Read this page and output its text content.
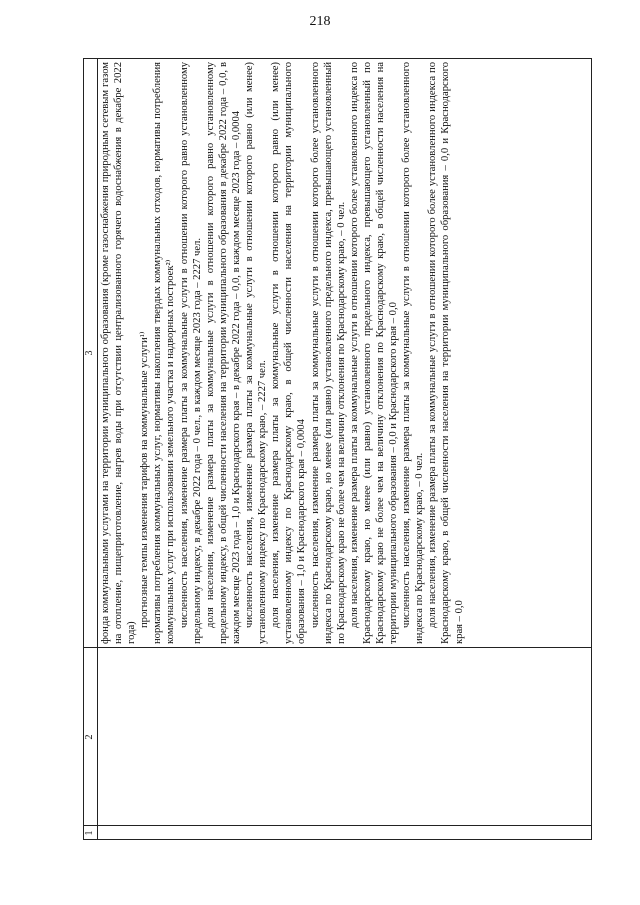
218
1
2
3 фонда коммунальными услугами на территории муниципального образования (кроме газоснабжения природным сетевым газом на отопление, пищеприготовление, нагрев воды при отсутствии централизованного горячего водоснабжения в декабре 2022 года)

прогнозные темпы изменения тарифов на коммунальные услуги¹⁾ нормативы потребления коммунальных услуг, нормативы накопления твердых коммунальных отходов, нормативы потребления коммунальных услуг при использовании земельного участка и надворных построек²⁾ численность населения, изменение размера платы за коммунальные услуги в отношении которого равно установленному предельному индексу, в декабре 2022 года – 0 чел., в каждом месяце 2023 года – 2227 чел. доля населения, изменение размера платы за коммунальные услуги в отношении которого равно установленному предельному индексу, в общей численности населения на территории муниципального образования в декабре 2022 года – 0,0, в каждом месяце 2023 года – 1,0 и Краснодарского края – в декабре 2022 года – 0,0, в каждом месяце 2023 года – 0,0004 численность населения, изменение размера платы за коммунальные услуги в отношении которого равно (или менее) установленному индексу по Краснодарскому краю, – 2227 чел. доля населения, изменение размера платы за коммунальные услуги в отношении которого равно (или менее) установленному индексу по Краснодарскому краю, в общей численности населения на территории муниципального образования – 1,0 и Краснодарского края – 0,0004 численность населения, изменение размера платы за коммунальные услуги в отношении которого более установленного индекса по Краснодарскому краю, но менее (или равно) установленного предельного индекса, превышающего установленный по Краснодарскому краю не более чем на величину отклонения по Краснодарскому краю, – 0 чел. доля населения, изменение размера платы за коммунальные услуги в отношении которого более установленного индекса по Краснодарскому краю, но менее (или равно) установленного предельного индекса, превышающего установленный по Краснодарскому краю не более чем на величину отклонения по Краснодарскому краю, в общей численности населения на территории муниципального образования – 0,0 и Краснодарского края – 0,0 численность населения, изменение размера платы за коммунальные услуги в отношении которого более установленного индекса по Краснодарскому краю, – 0 чел. доля населения, изменение размера платы за коммунальные услуги в отношении которого более установленного индекса по Краснодарскому краю, в общей численности населения на территории муниципального образования – 0,0 и Краснодарского края – 0,0
